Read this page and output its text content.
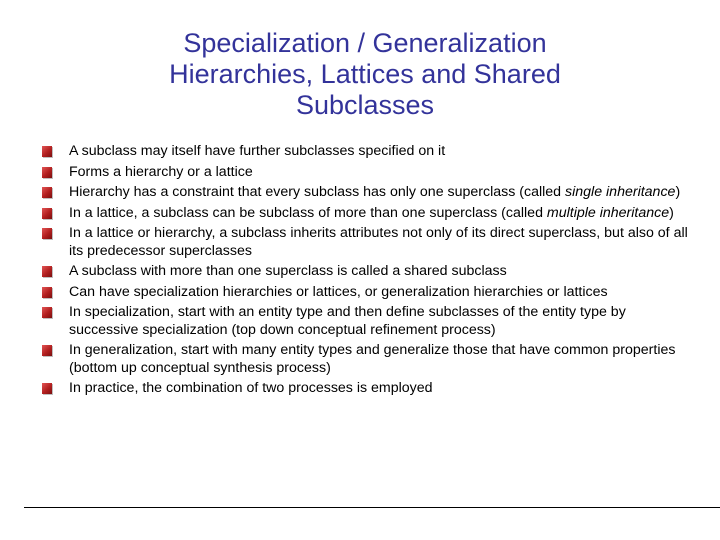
Specialization / Generalization
Hierarchies, Lattices and Shared
Subclasses
A subclass may itself have further subclasses specified on it
Forms a hierarchy or a lattice
Hierarchy has a constraint that every subclass has only one superclass (called single inheritance)
In a lattice, a subclass can be subclass of more than one superclass (called multiple inheritance)
In a lattice or hierarchy, a subclass inherits attributes not only of its direct superclass, but also of all its predecessor superclasses
A subclass with more than one superclass is called a shared subclass
Can have specialization hierarchies or lattices, or generalization hierarchies or lattices
In specialization, start with an entity type and then define subclasses of the entity type by successive specialization (top down conceptual refinement process)
In generalization, start with many entity types and generalize those that have common properties (bottom up conceptual synthesis process)
In practice, the combination of two processes is employed
